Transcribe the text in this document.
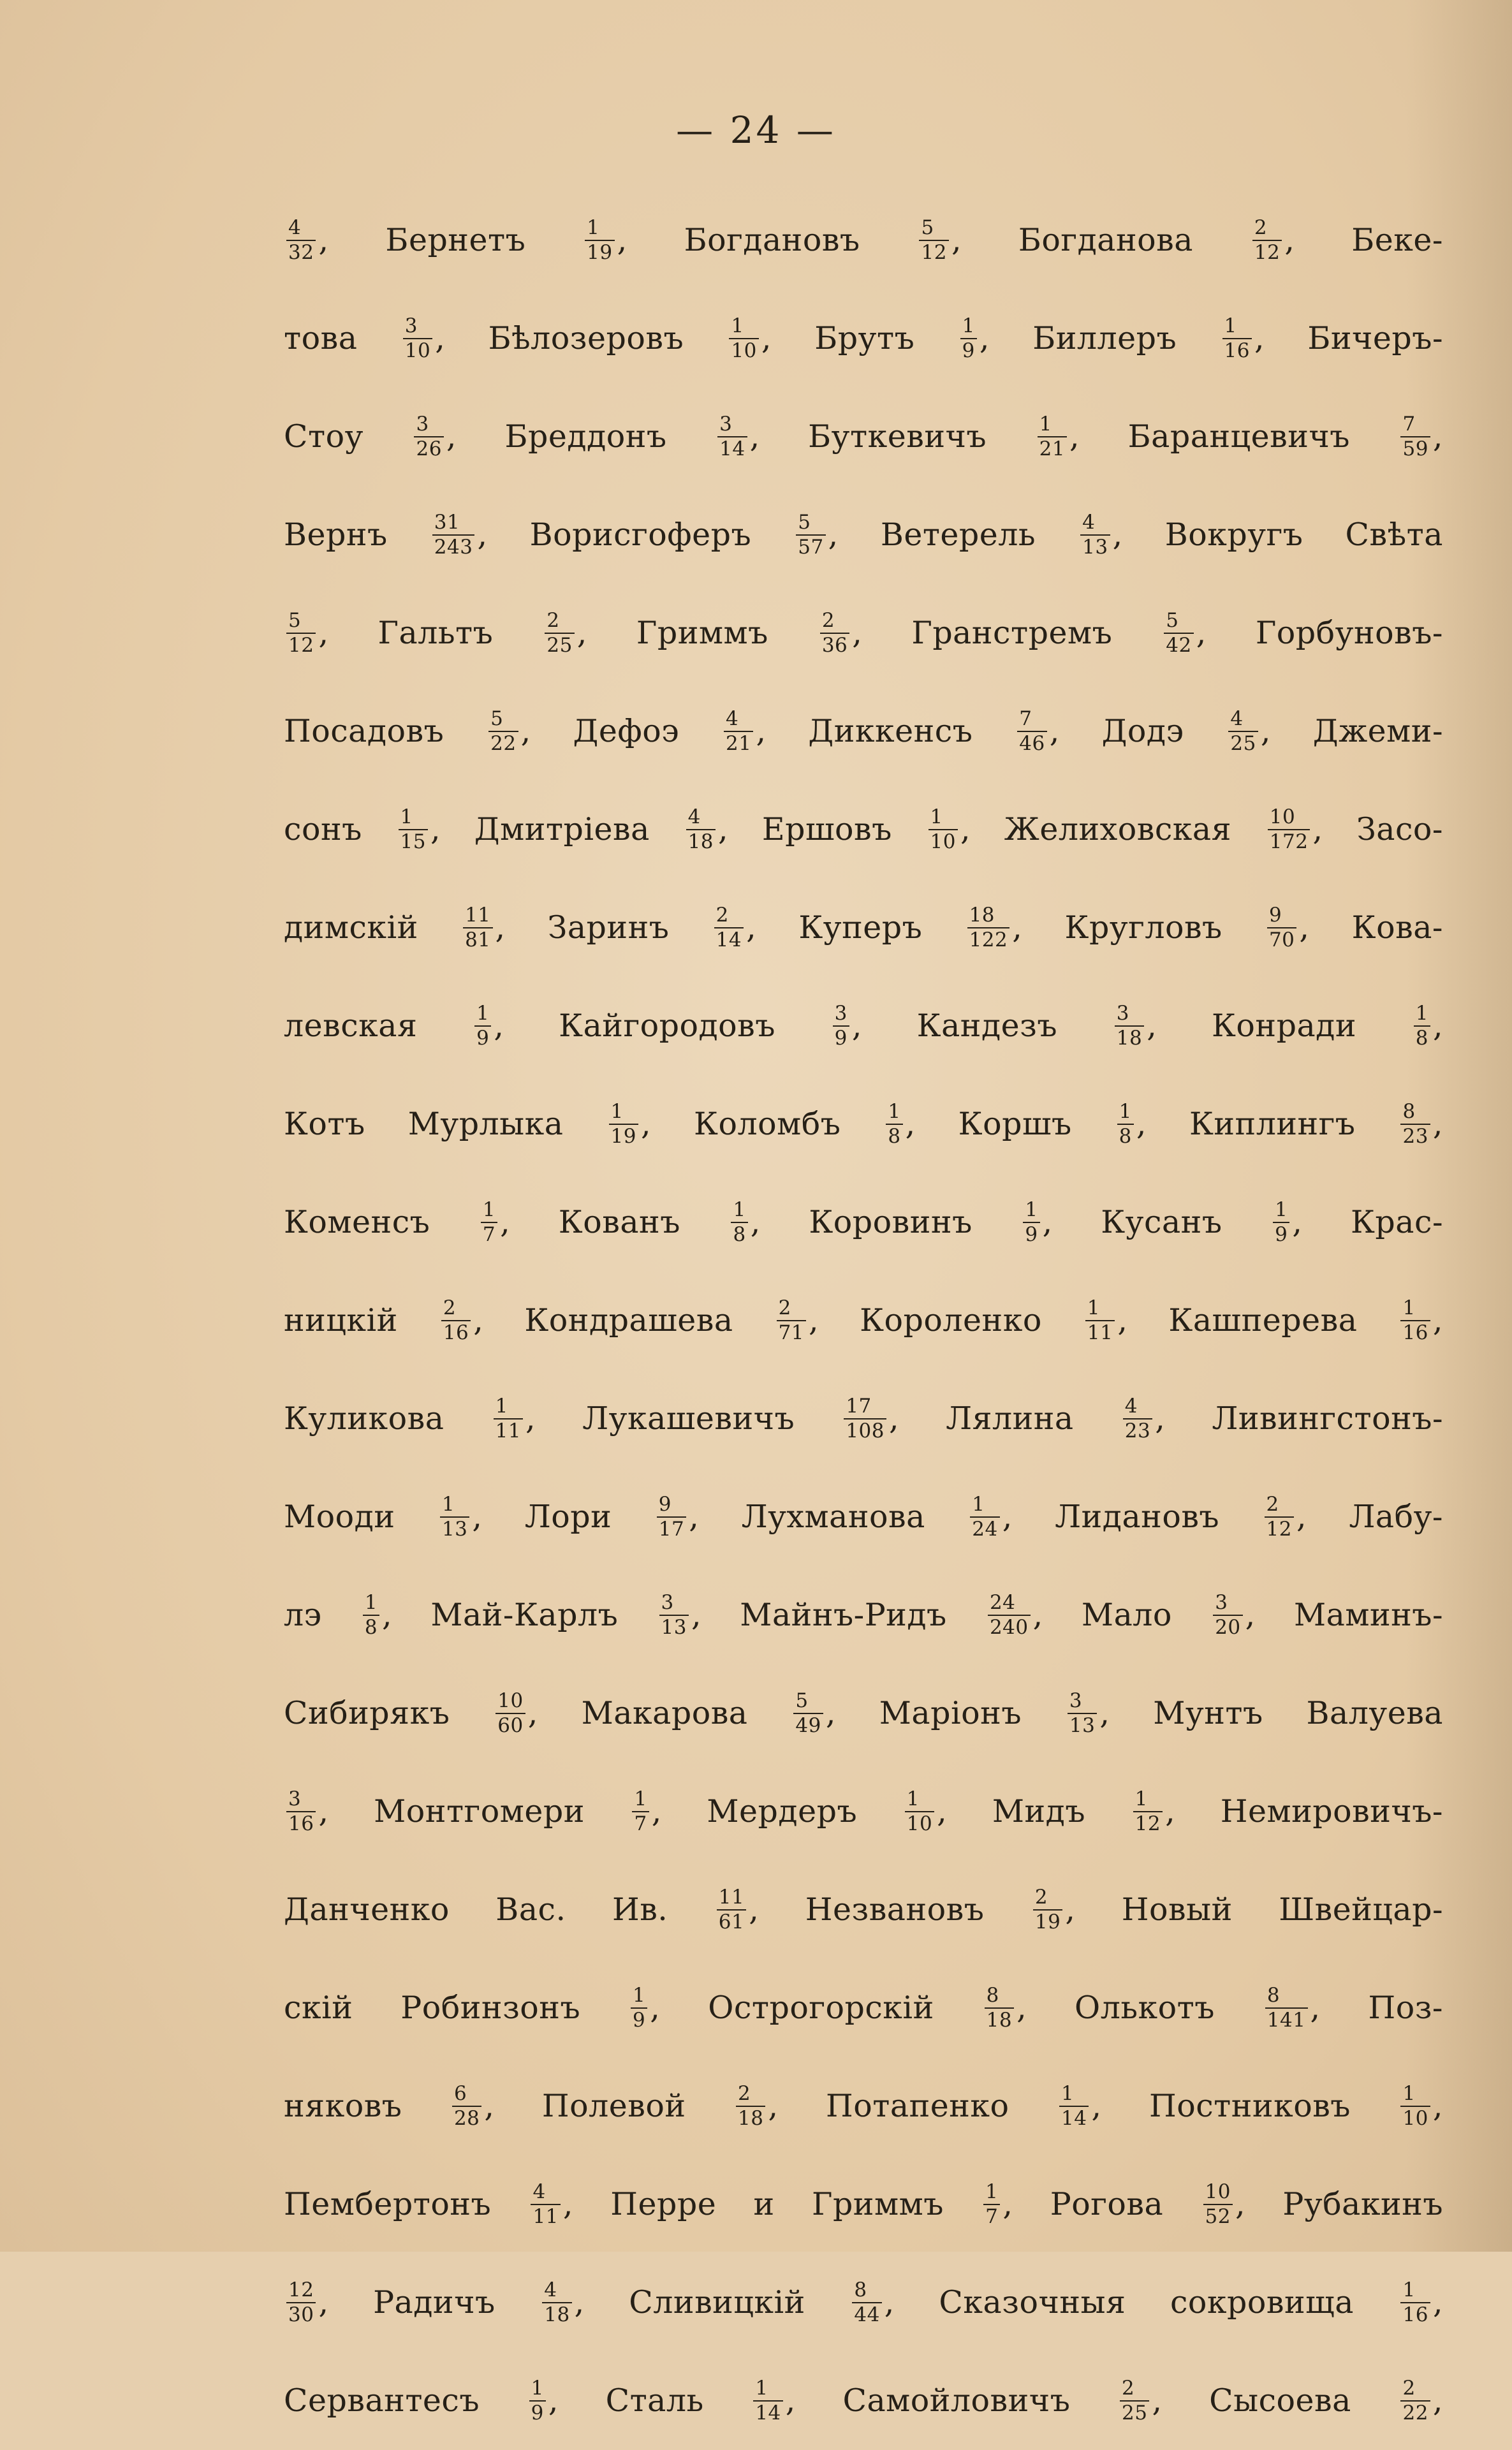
— 24 —
$\frac{4}{32}$ , Бернетъ $\frac{1}{19}$ , Богдановъ $\frac{5}{12}$ , Богданова $\frac{2}{12}$ , Беке-
това $\frac{3}{10}$ , Бѣлозеровъ $\frac{1}{10}$ , Брутъ $\frac{1}{9}$ , Биллеръ $\frac{1}{16}$ , Бичеръ-
Стоу $\frac{3}{26}$ , Бреддонъ $\frac{3}{14}$ , Буткевичъ $\frac{1}{21}$ , Баранцевичъ $\frac{7}{59}$ ,
Вернъ $\frac{31}{243}$ , Ворисгоферъ $\frac{5}{57}$ , Ветерель $\frac{4}{13}$ , Вокругъ Свѣта
$\frac{5}{12}$ , Гальтъ $\frac{2}{25}$ , Гриммъ $\frac{2}{36}$ , Гранстремъ $\frac{5}{42}$ , Горбуновъ-
Посадовъ $\frac{5}{22}$ , Дефоэ $\frac{4}{21}$ , Диккенсъ $\frac{7}{46}$ , Додэ $\frac{4}{25}$ , Джеми-
сонъ $\frac{1}{15}$ , Дмитріева $\frac{4}{18}$ , Ершовъ $\frac{1}{10}$ , Желиховская $\frac{10}{172}$ , Засо-
димскій $\frac{11}{81}$ , Заринъ $\frac{2}{14}$ , Куперъ $\frac{18}{122}$ , Кругловъ $\frac{9}{70}$ , Кова-
левская $\frac{1}{9}$ , Кайгородовъ $\frac{3}{9}$ , Кандезъ $\frac{3}{18}$ , Конради $\frac{1}{8}$ ,
Котъ Мурлыка $\frac{1}{19}$ , Коломбъ $\frac{1}{8}$ , Коршъ $\frac{1}{8}$ , Киплингъ $\frac{8}{23}$ ,
Коменсъ $\frac{1}{7}$ , Кованъ $\frac{1}{8}$ , Коровинъ $\frac{1}{9}$ , Кусанъ $\frac{1}{9}$ , Крас-
ницкій $\frac{2}{16}$ , Кондрашева $\frac{2}{71}$ , Короленко $\frac{1}{11}$ , Кашперева $\frac{1}{16}$ ,
Куликова $\frac{1}{11}$ , Лукашевичъ $\frac{17}{108}$ , Лялина $\frac{4}{23}$ , Ливингстонъ-
Мооди $\frac{1}{13}$ , Лори $\frac{9}{17}$ , Лухманова $\frac{1}{24}$ , Лидановъ $\frac{2}{12}$ , Лабу-
лэ $\frac{1}{8}$ , Май-Карлъ $\frac{3}{13}$ , Майнъ-Ридъ $\frac{24}{240}$ , Мало $\frac{3}{20}$ , Маминъ-
Сибирякъ $\frac{10}{60}$ , Макарова $\frac{5}{49}$ , Маріонъ $\frac{3}{13}$ , Мунтъ Валуева
$\frac{3}{16}$ , Монтгомери $\frac{1}{7}$ , Мердеръ $\frac{1}{10}$ , Мидъ $\frac{1}{12}$ , Немировичъ-
Данченко Вас. Ив. $\frac{11}{61}$ , Незвановъ $\frac{2}{19}$ , Новый Швейцар-
скій Робинзонъ $\frac{1}{9}$ , Острогорскій $\frac{8}{18}$ , Олькотъ $\frac{8}{141}$ , Поз-
няковъ $\frac{6}{28}$ , Полевой $\frac{2}{18}$ , Потапенко $\frac{1}{14}$ , Постниковъ $\frac{1}{10}$ ,
Пембертонъ $\frac{4}{11}$ , Перре и Гриммъ $\frac{1}{7}$ , Рогова $\frac{10}{52}$ , Рубакинъ
$\frac{12}{30}$ , Радичъ $\frac{4}{18}$ , Сливицкій $\frac{8}{44}$ , Сказочныя сокровища $\frac{1}{16}$ ,
Сервантесъ $\frac{1}{9}$ , Сталь $\frac{1}{14}$ , Самойловичъ $\frac{2}{25}$ , Сысоева $\frac{2}{22}$ ,
